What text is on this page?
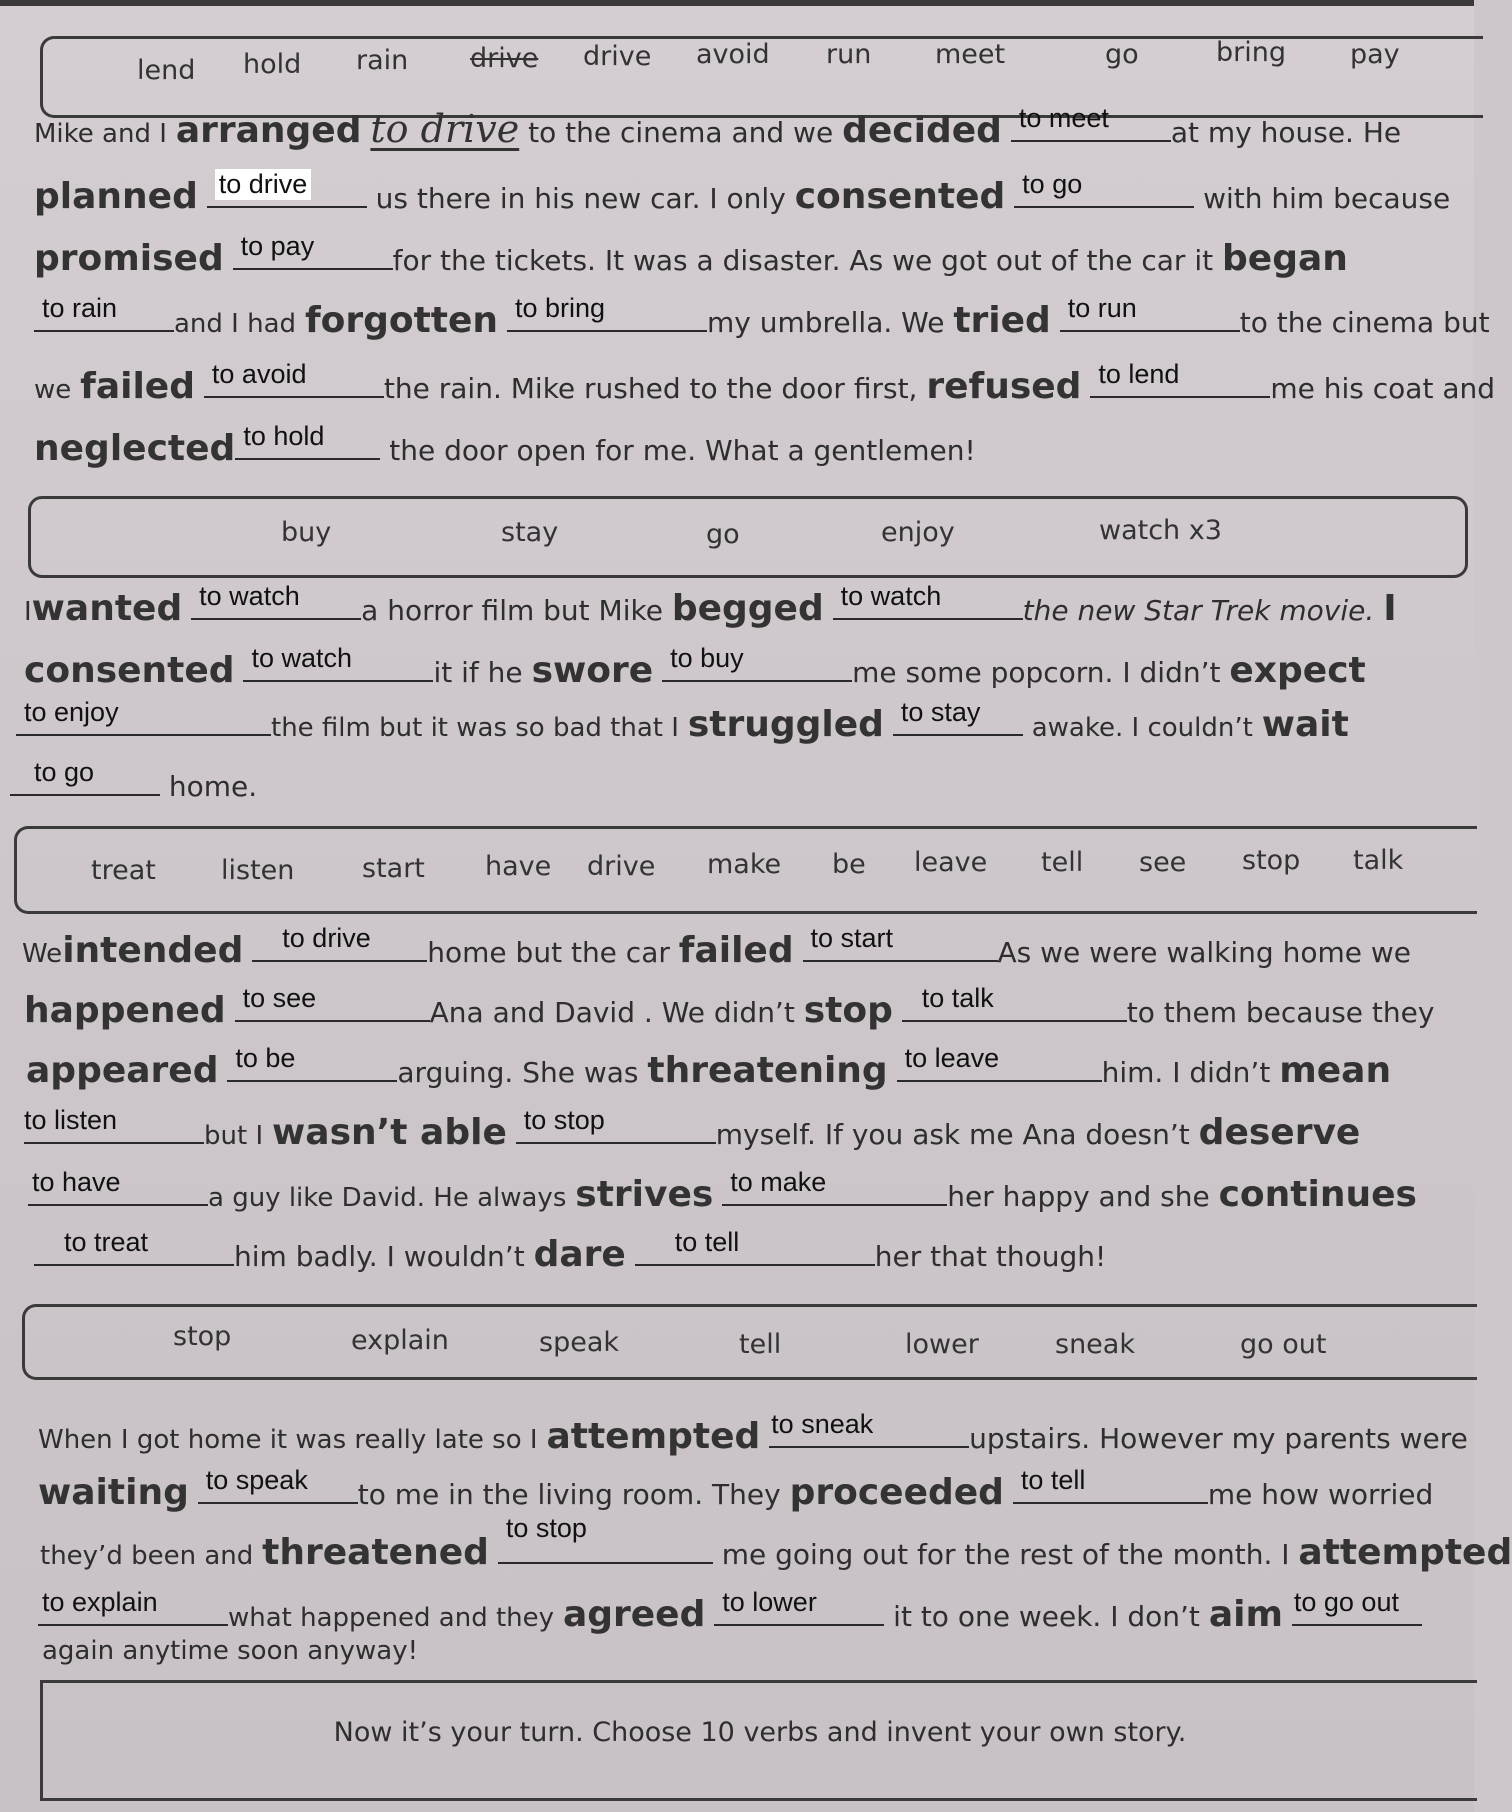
lend hold rain drive drive avoid run meet	go	bring pay
Mike and I arranged to drive to the cinema and we decided to meet at my house. He
planned to drive us there in his new car. I only consented to go	with him because
promised to pay	for the tickets. It was a disaster. As we got out of the car it began
to rain
and I had forgotten to bring	my umbrella. We tried to run	to the cinema but
we failed to avoid	the rain. Mike rushed to the door first, refused to lend	me his coat and
neglected to hold the door open for me. What a gentlemen!
buy	stay	go	enjoy	watch x3
Iwanted to watch a horror film but Mike begged to watch	the new Star Trek movie. I
consented to watch	it if he swore to buy	me some popcorn. I didn’t expect
to enjoy
the film but it was so bad that I struggled to stay
awake. I couldn’t wait
to go	home.
treat listen	start have drive make be leave tell see stop talk
Weintended to drive home but the car failed to start	As we were walking home we
happened to see	Ana and David . We didn’t stop to talk	to them because they
appeared to be	arguing. She was threatening to leave	him. I didn’t mean
to listen
but I wasn’t able to stop	myself. If you ask me Ana doesn’t deserve
to have
a guy like David. He always strives to make	her happy and she continues
to treat	him badly. I wouldn’t dare to tell	her that though!
stop	explain	speak	tell	lower	sneak	go out
When I got home it was really late so I attempted to sneak	upstairs. However my parents were
waiting to speak to me in the living room. They proceeded to tell	me how worried
they’d been and threatened
to stop
me going out for the rest of the month. I attempted
to explain
what happened and they agreed to lower	it to one week. I don’t aim to go out
again anytime soon anyway!
Now it’s your turn. Choose 10 verbs and invent your own story.
